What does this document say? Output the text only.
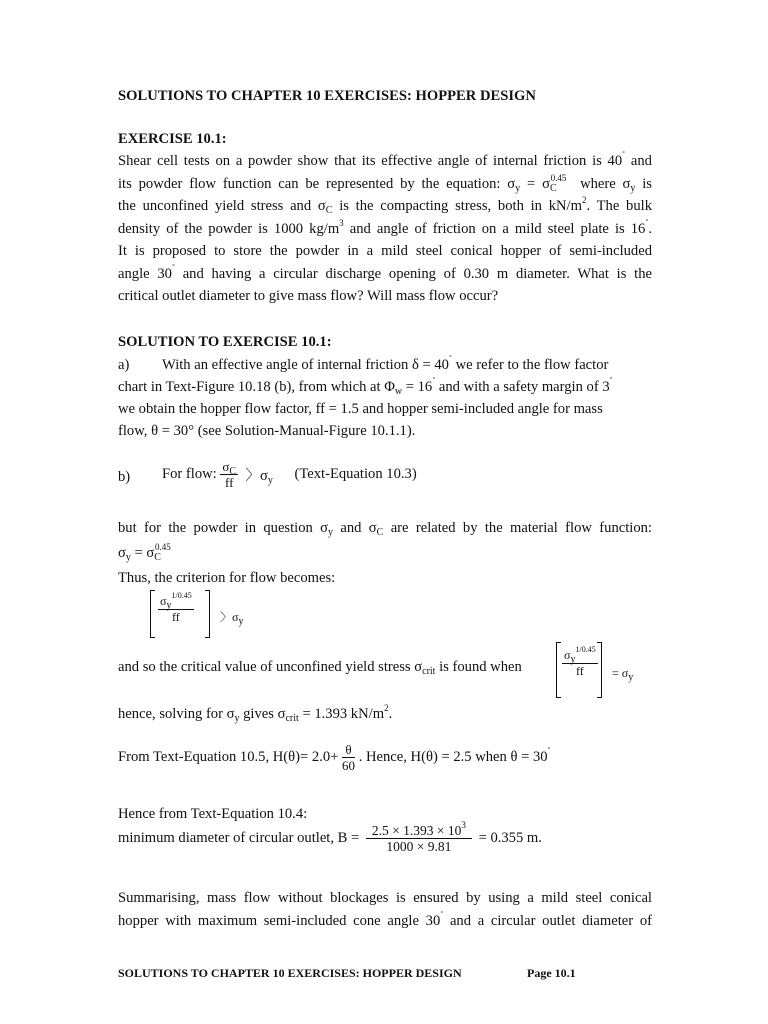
SOLUTIONS TO CHAPTER 10 EXERCISES: HOPPER DESIGN
EXERCISE 10.1:
Shear cell tests on a powder show that its effective angle of internal friction is 40˚ and
its powder flow function can be represented by the equation: $\sigma_y = \sigma_C^{0.45}$  where $\sigma_y$ is
the unconfined yield stress and $\sigma_C$ is the compacting stress, both in $kN/m^2$. The bulk
density of the powder is 1000 $kg/m^3$ and angle of friction on a mild steel plate is 16˚.
It is proposed to store the powder in a mild steel conical hopper of semi-included
angle 30˚ and having a circular discharge opening of 0.30 m diameter. What is the
critical outlet diameter to give mass flow? Will mass flow occur?
SOLUTION TO EXERCISE 10.1:
a) With an effective angle of internal friction δ = 40˚ we refer to the flow factor
chart in Text-Figure 10.18 (b), from which at $\Phi_w = 16^˚$ and with a safety margin of 3˚
we obtain the hopper flow factor, ff = 1.5 and hopper semi-included angle for mass
flow, θ = 30° (see Solution-Manual-Figure 10.1.1).
b) For flow: $\frac{\sigma_C}{ff}$ 〉$\sigma_y$ (Text-Equation 10.3)
but for the powder in question $\sigma_y$ and $\sigma_C$ are related by the material flow function:
$\sigma_y = \sigma_C^{0.45}$
Thus, the criterion for flow becomes:
$\frac{\sigma_y^{1/0.45}}{ff}$ 〉$\sigma_y$
and so the critical value of unconfined yield stress $\sigma_{crit}$ is found when	$\frac{\sigma_y^{1/0.45}}{ff} = \sigma_y$
hence, solving for $\sigma_y$ gives $\sigma_{crit} = 1.393$ $kN/m^2$.
From Text-Equation 10.5, $H(\theta)= 2.0+ \frac{\theta}{60}$ . Hence, H(θ) = 2.5 when θ = 30˚
Hence from Text-Equation 10.4:
minimum diameter of circular outlet, $B = \frac{2.5 \times 1.393 \times 10^3}{1000 \times 9.81} = 0.355$ m.
Summarising, mass flow without blockages is ensured by using a mild steel conical
hopper with maximum semi-included cone angle 30˚ and a circular outlet diameter of
SOLUTIONS TO CHAPTER 10 EXERCISES: HOPPER DESIGN	Page 10.1
